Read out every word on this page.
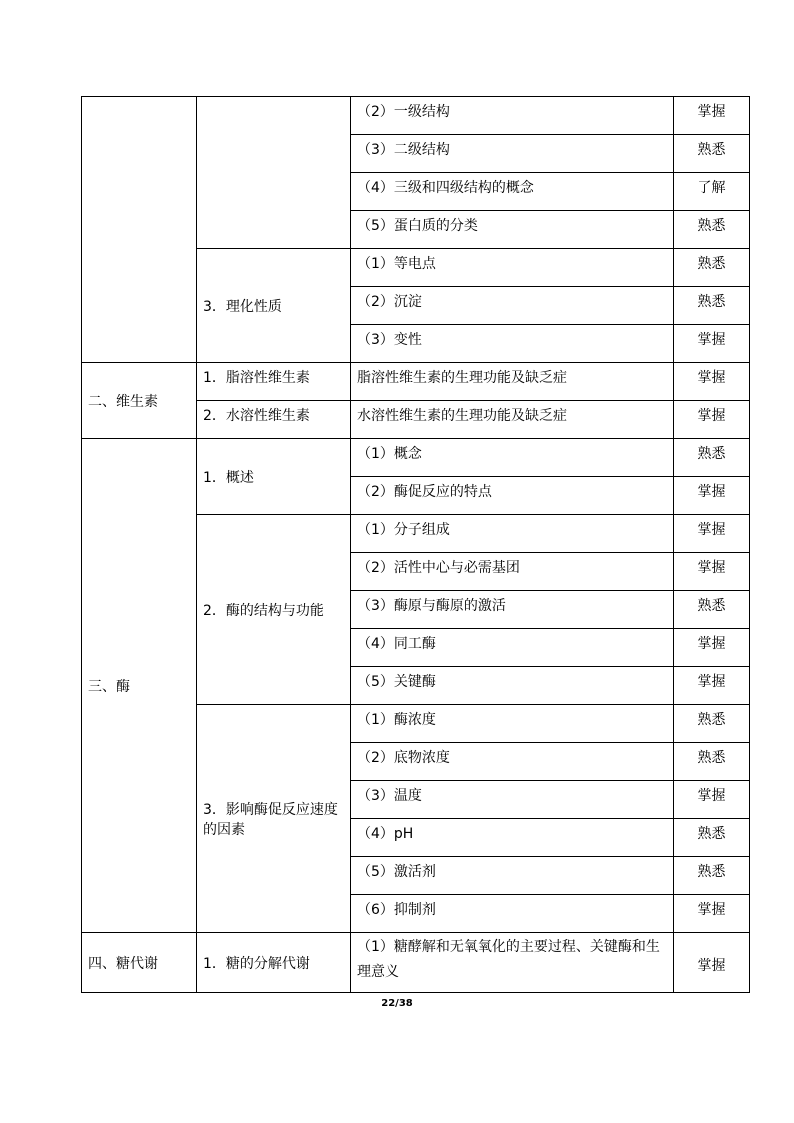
		（2）一级结构	掌握
		（3）二级结构	熟悉
		（4）三级和四级结构的概念	了解
		（5）蛋白质的分类	熟悉
	3．理化性质	（1）等电点	熟悉
		（2）沉淀	熟悉
		（3）变性	掌握
二、维生素	1．脂溶性维生素	脂溶性维生素的生理功能及缺乏症	掌握
	2．水溶性维生素	水溶性维生素的生理功能及缺乏症	掌握
三、酶	1．概述	（1）概念	熟悉
		（2）酶促反应的特点	掌握
	2．酶的结构与功能	（1）分子组成	掌握
		（2）活性中心与必需基团	掌握
		（3）酶原与酶原的激活	熟悉
		（4）同工酶	掌握
		（5）关键酶	掌握
	3．影响酶促反应速度的因素	（1）酶浓度	熟悉
		（2）底物浓度	熟悉
		（3）温度	掌握
		（4）pH	熟悉
		（5）激活剂	熟悉
		（6）抑制剂	掌握
四、糖代谢	1．糖的分解代谢	（1）糖酵解和无氧氧化的主要过程、关键酶和生理意义	掌握
22/38
